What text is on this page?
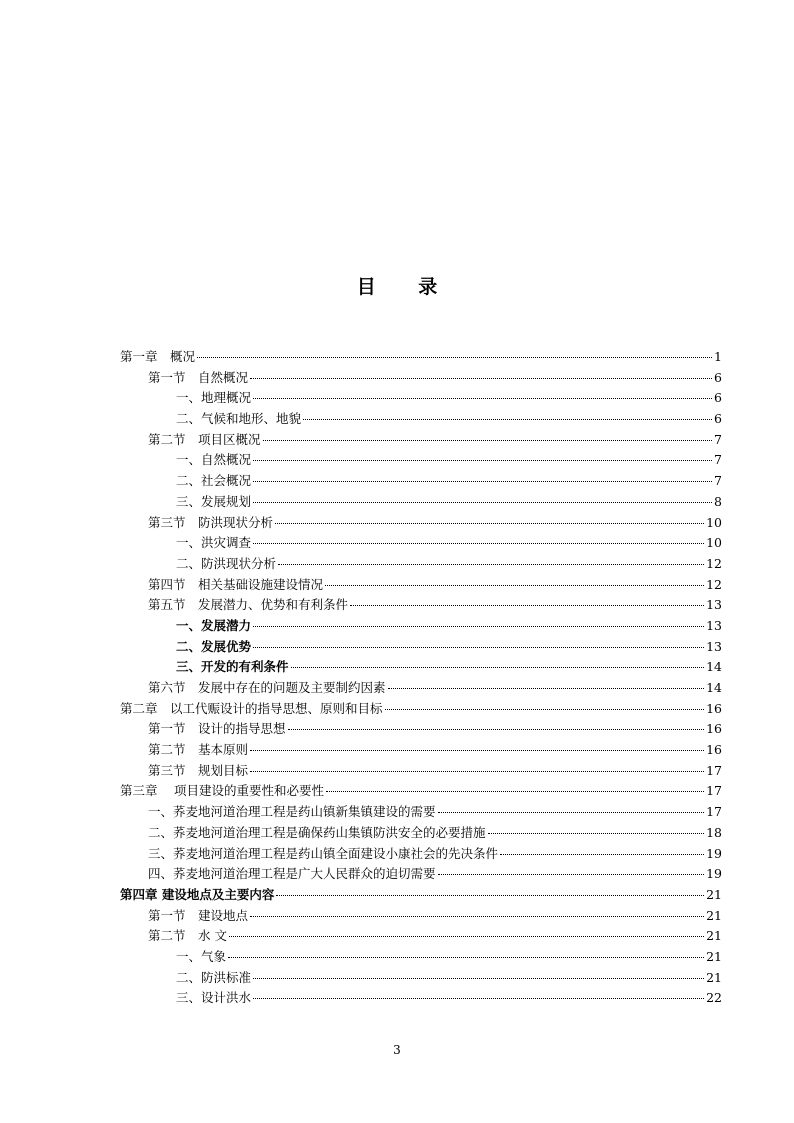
目 录
第一章　概况	1
第一节　自然概况	6
一、地理概况	6
二、气候和地形、地貌	6
第二节　项目区概况	7
一、自然概况	7
二、社会概况	7
三、发展规划	8
第三节　防洪现状分析	10
一、洪灾调查	10
二、防洪现状分析	12
第四节　相关基础设施建设情况	12
第五节　发展潜力、优势和有利条件	13
一、发展潜力	13
二、发展优势	13
三、开发的有利条件	14
第六节　发展中存在的问题及主要制约因素	14
第二章　以工代赈设计的指导思想、原则和目标	16
第一节　设计的指导思想	16
第二节　基本原则	16
第三节　规划目标	17
第三章　 项目建设的重要性和必要性	17
一、荞麦地河道治理工程是药山镇新集镇建设的需要	17
二、荞麦地河道治理工程是确保药山集镇防洪安全的必要措施	18
三、荞麦地河道治理工程是药山镇全面建设小康社会的先决条件	19
四、荞麦地河道治理工程是广大人民群众的迫切需要	19
第四章 建设地点及主要内容	21
第一节　建设地点	21
第二节　水 文	21
一、气象	21
二、防洪标准	21
三、设计洪水	22
3
